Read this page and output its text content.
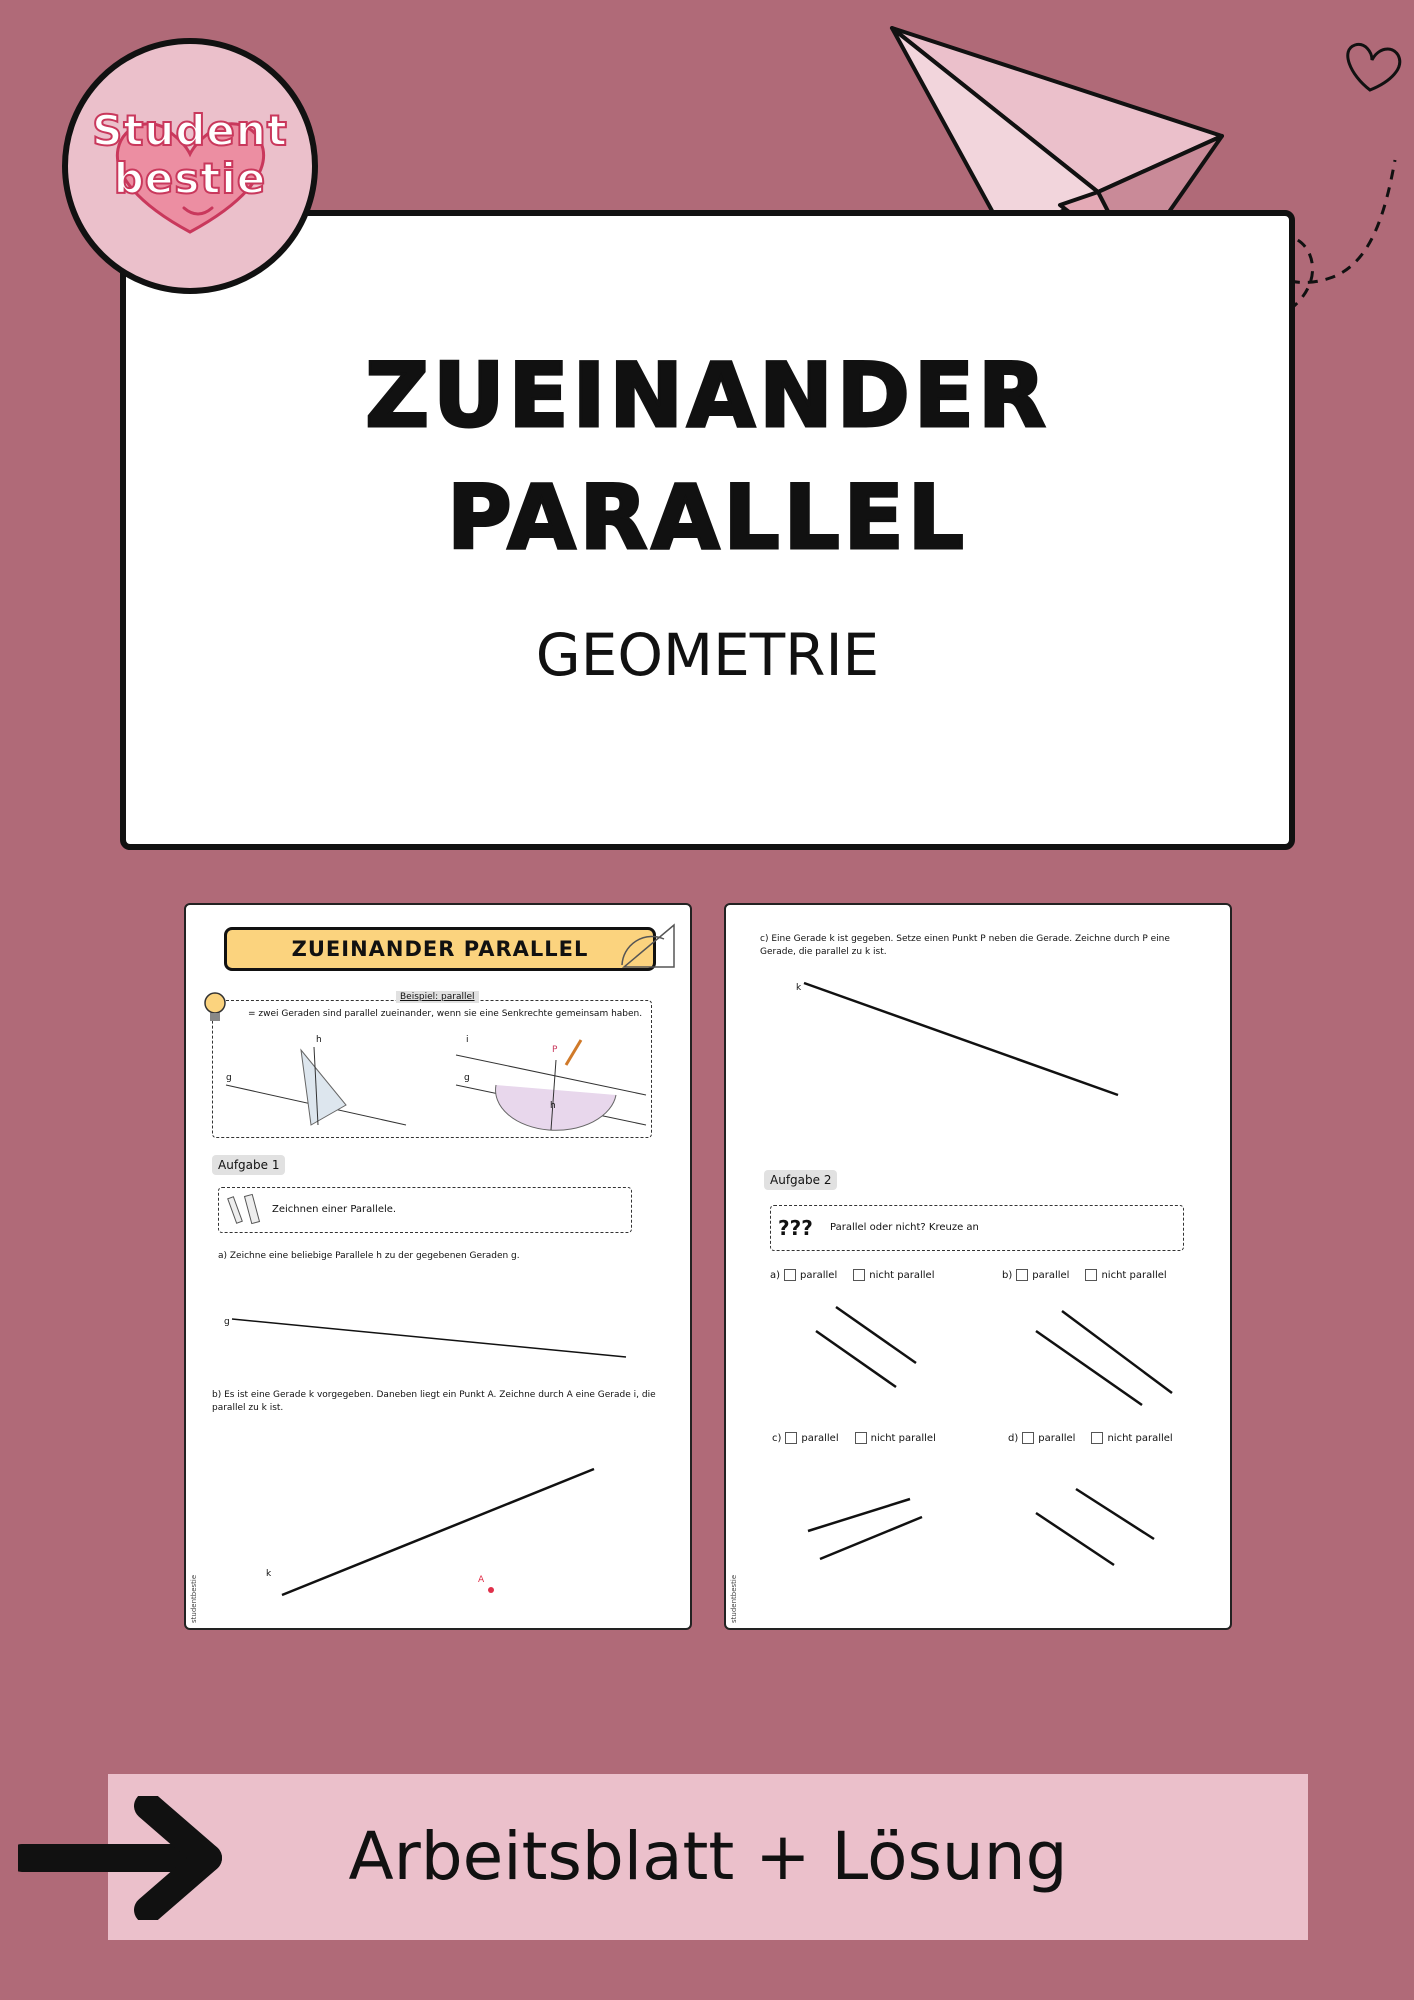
ZUEINANDER
PARALLEL
GEOMETRIE
Student
bestie
ZUEINANDER PARALLEL
Beispiel: parallel
= zwei Geraden sind parallel zueinander, wenn sie eine Senkrechte gemeinsam haben.
g
h
g
i
P
h
Aufgabe 1
Zeichnen einer Parallele.
a) Zeichne eine beliebige Parallele h zu der gegebenen Geraden g.
g
b) Es ist eine Gerade k vorgegeben. Daneben liegt ein Punkt A. Zeichne durch A eine Gerade i, die parallel zu k ist.
k
A
studentbestie
c) Eine Gerade k ist gegeben. Setze einen Punkt P neben die Gerade. Zeichne durch P eine Gerade, die parallel zu k ist.
k
Aufgabe 2
??? Parallel oder nicht? Kreuze an
a) parallel	nicht parallel	b) parallel	nicht parallel
c) parallel	nicht parallel	d) parallel	nicht parallel
studentbestie
Arbeitsblatt + Lösung
